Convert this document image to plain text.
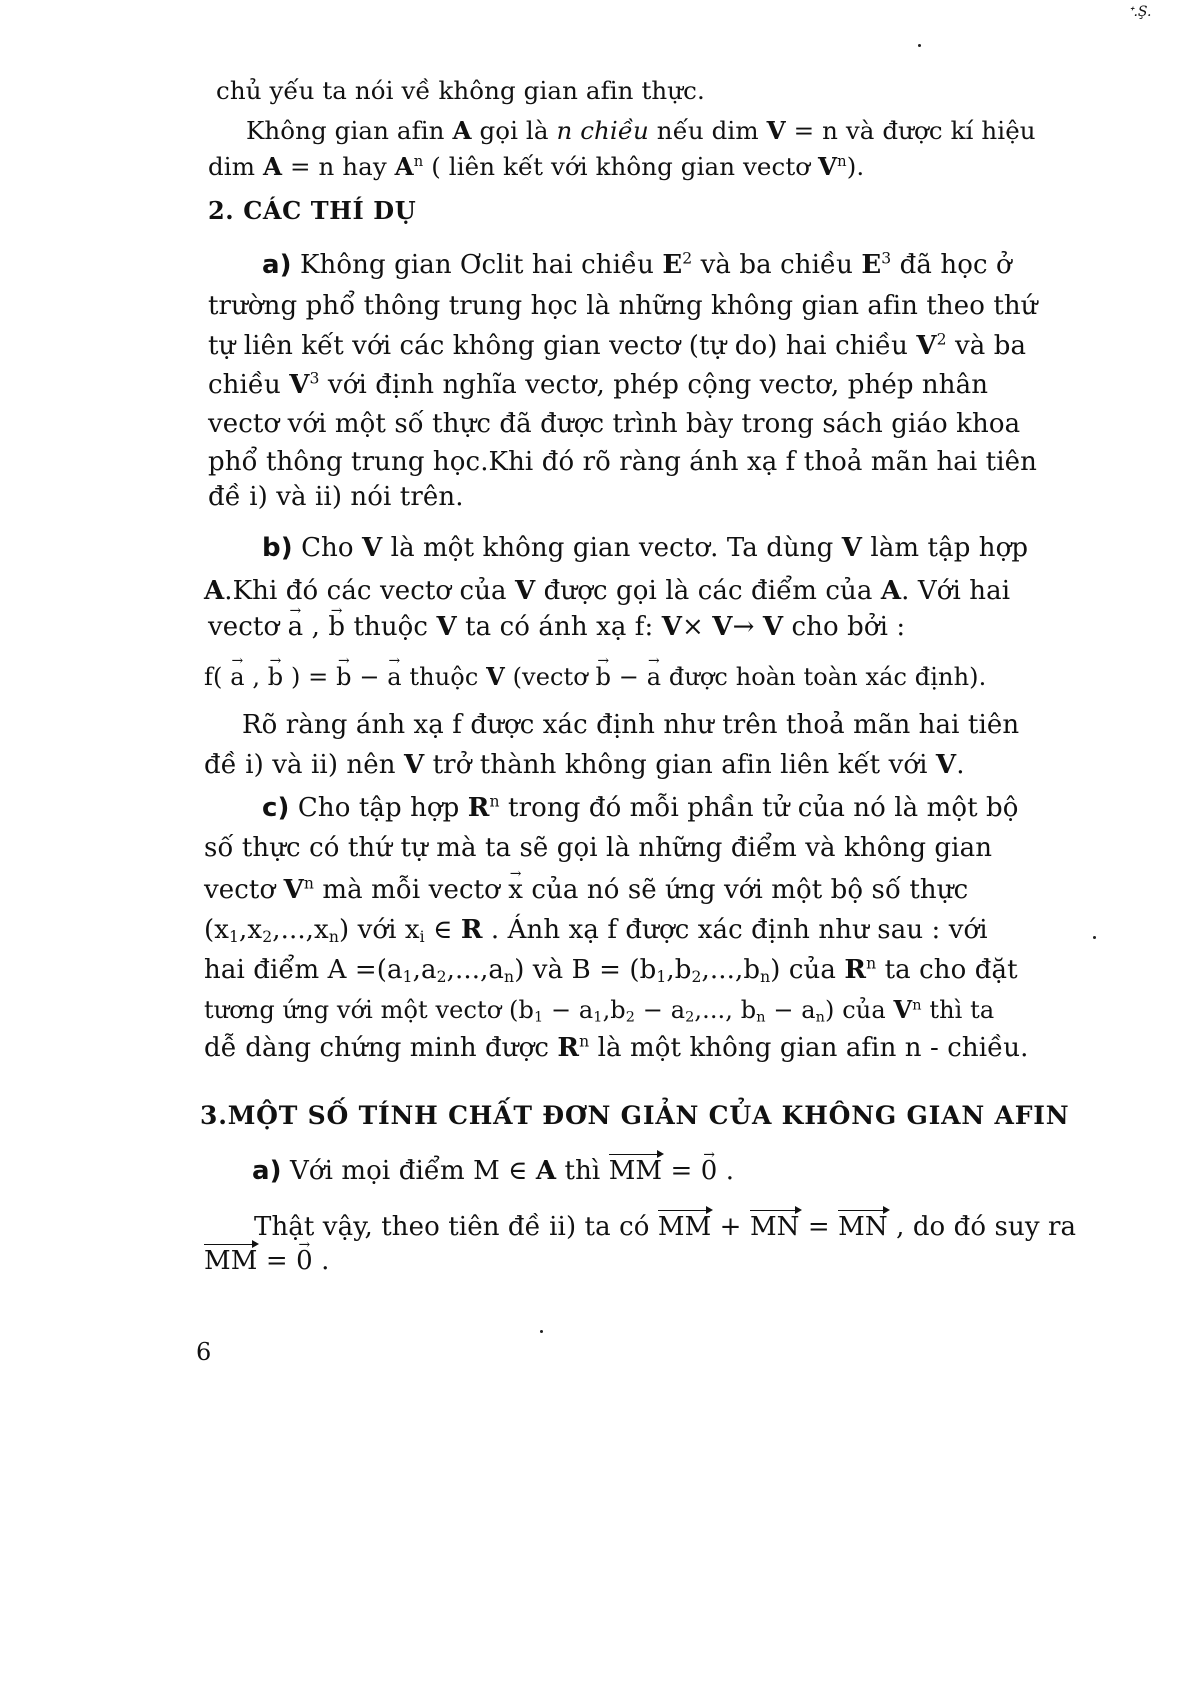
ᐩ.Ş.
chủ yếu ta nói về không gian afin thực.
Không gian afin A gọi là n chiều nếu dim V = n và được kí hiệu
dim A = n hay $A^n$ ( liên kết với không gian vectơ $V^n$).
2. CÁC THÍ DỤ
a) Không gian Ơclit hai chiều $E^2$ và ba chiều $E^3$ đã học ở
trường phổ thông trung học là những không gian afin theo thứ
tự liên kết với các không gian vectơ (tự do) hai chiều $V^2$ và ba
chiều $V^3$ với định nghĩa vectơ, phép cộng vectơ, phép nhân
vectơ với một số thực đã được trình bày trong sách giáo khoa
phổ thông trung học.Khi đó rõ ràng ánh xạ f thoả mãn hai tiên
đề i) và ii) nói trên.
b) Cho V là một không gian vectơ. Ta dùng V làm tập hợp
A.Khi đó các vectơ của V được gọi là các điểm của A. Với hai
vectơ → a , → b thuộc V ta có ánh xạ f: V× V→ V cho bởi :
f( → a , → b ) = → b − → a thuộc V (vectơ → b − → a được hoàn toàn xác định).
Rõ ràng ánh xạ f được xác định như trên thoả mãn hai tiên
đề i) và ii) nên V trở thành không gian afin liên kết với V.
c) Cho tập hợp $R^n$ trong đó mỗi phần tử của nó là một bộ
số thực có thứ tự mà ta sẽ gọi là những điểm và không gian
vectơ $V^n$ mà mỗi vectơ → x của nó sẽ ứng với một bộ số thực
$(x_1,x_2,...,x_n)$ với $x_i$ ∈ R . Ánh xạ f được xác định như sau : với
hai điểm $A =(a_1,a_2,...,a_n)$ và $B = (b_1,b_2,...,b_n)$ của $R^n$ ta cho đặt
tương ứng với một vectơ ($b_1 - a_1,b_2 - a_2$,..., $b_n - a_n$) của $V^n$ thì ta
dễ dàng chứng minh được $R^n$ là một không gian afin n - chiều.
3.MỘT SỐ TÍNH CHẤT ĐƠN GIẢN CỦA KHÔNG GIAN AFIN
a) Với mọi điểm M ∈ A thì MM = → 0 .
Thật vậy, theo tiên đề ii) ta có MM + MN = MN , do đó suy ra
MM = → 0 .
6
